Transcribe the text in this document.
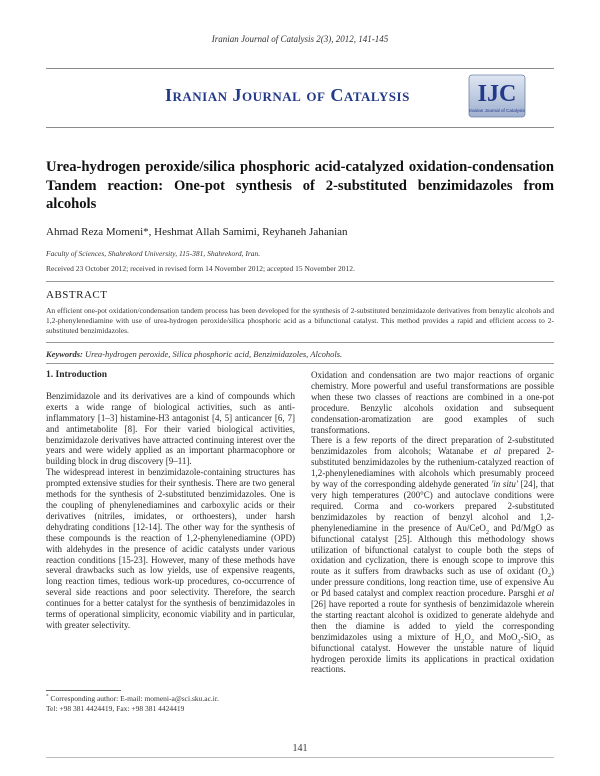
Iranian Journal of Catalysis 2(3), 2012, 141-145
Iranian Journal of Catalysis	IJC
Iranian Journal of Catalysis
Urea-hydrogen peroxide/silica phosphoric acid-catalyzed oxidation-condensation Tandem reaction: One-pot synthesis of 2-substituted benzimidazoles from alcohols
Ahmad Reza Momeni*, Heshmat Allah Samimi, Reyhaneh Jahanian
Faculty of Sciences, Shahrekord University, 115-381, Shahrekord, Iran.
Received 23 October 2012; received in revised form 14 November 2012; accepted 15 November 2012.
ABSTRACT
An efficient one-pot oxidation/condensation tandem process has been developed for the synthesis of 2-substituted benzimidazole derivatives from benzylic alcohols and 1,2-phenylenediamine with use of urea-hydrogen peroxide/silica phosphoric acid as a bifunctional catalyst. This method provides a rapid and efficient access to 2-substituted benzimidazoles.
Keywords: Urea-hydrogen peroxide, Silica phosphoric acid, Benzimidazoles, Alcohols.

1. Introduction

Benzimidazole and its derivatives are a kind of compounds which exerts a wide range of biological activities, such as anti-inflammatory [1–3] histamine-H3 antagonist [4, 5] anticancer [6, 7] and antimetabolite [8]. For their varied biological activities, benzimidazole derivatives have attracted continuing interest over the years and were widely applied as an important pharmacophore or building block in drug discovery [9–11].

The widespread interest in benzimidazole-containing structures has prompted extensive studies for their synthesis. There are two general methods for the synthesis of 2-substituted benzimidazoles. One is the coupling of phenylenediamines and carboxylic acids or their derivatives (nitriles, imidates, or orthoesters), under harsh dehydrating conditions [12-14]. The other way for the synthesis of these compounds is the reaction of 1,2-phenylenediamine (OPD) with aldehydes in the presence of acidic catalysts under various reaction conditions [15-23]. However, many of these methods have several drawbacks such as low yields, use of expensive reagents, long reaction times, tedious work-up procedures, co-occurrence of several side reactions and poor selectivity. Therefore, the search continues for a better catalyst for the synthesis of benzimidazoles in terms of operational simplicity, economic viability and in particular, with greater selectivity.

Oxidation and condensation are two major reactions of organic chemistry. More powerful and useful transformations are possible when these two classes of reactions are combined in a one-pot procedure. Benzylic alcohols oxidation and subsequent condensation-aromatization are good examples of such transformations.

There is a few reports of the direct preparation of 2-substituted benzimidazoles from alcohols; Watanabe et al prepared 2-substituted benzimidazoles by the ruthenium-catalyzed reaction of 1,2-phenylenediamines with alcohols which presumably proceed by way of the corresponding aldehyde generated 'in situ' [24], that very high temperatures (200°C) and autoclave conditions were required. Corma and co-workers prepared 2-substituted benzimidazoles by reaction of benzyl alcohol and 1,2-phenylenediamine in the presence of Au/CeO$_2$ and Pd/MgO as bifunctional catalyst [25]. Although this methodology shows utilization of bifunctional catalyst to couple both the steps of oxidation and cyclization, there is enough scope to improve this route as it suffers from drawbacks such as use of oxidant $(O_2)$ under pressure conditions, long reaction time, use of expensive Au or Pd based catalyst and complex reaction procedure. Parsghi et al [26] have reported a route for synthesis of benzimidazole wherein the starting reactant alcohol is oxidized to generate aldehyde and then the diamine is added to yield the corresponding benzimidazoles using a mixture of $H_2O_2$ and MoO$_3$-SiO$_2$ as bifunctional catalyst. However the unstable nature of liquid hydrogen peroxide limits its applications in practical oxidation reactions.

* Corresponding author: E-mail: momeni-a@sci.sku.ac.ir.
Tel: +98 381 4424419, Fax: +98 381 4424419
141
